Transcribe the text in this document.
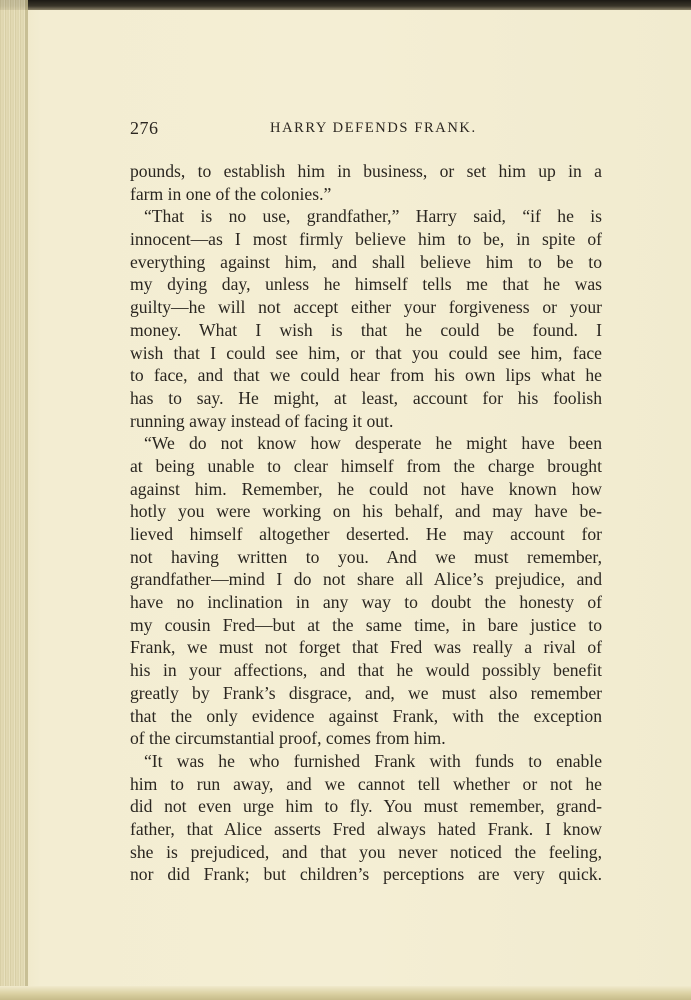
276	HARRY DEFENDS FRANK.
pounds, to establish him in business, or set him up in a
farm in one of the colonies.”
“That is no use, grandfather,” Harry said, “if he is
innocent—as I most firmly believe him to be, in spite of
everything against him, and shall believe him to be to
my dying day, unless he himself tells me that he was
guilty—he will not accept either your forgiveness or your
money. What I wish is that he could be found. I
wish that I could see him, or that you could see him, face
to face, and that we could hear from his own lips what he
has to say. He might, at least, account for his foolish
running away instead of facing it out.
“We do not know how desperate he might have been
at being unable to clear himself from the charge brought
against him. Remember, he could not have known how
hotly you were working on his behalf, and may have be-
lieved himself altogether deserted. He may account for
not having written to you. And we must remember,
grandfather—mind I do not share all Alice’s prejudice, and
have no inclination in any way to doubt the honesty of
my cousin Fred—but at the same time, in bare justice to
Frank, we must not forget that Fred was really a rival of
his in your affections, and that he would possibly benefit
greatly by Frank’s disgrace, and, we must also remember
that the only evidence against Frank, with the exception
of the circumstantial proof, comes from him.
“It was he who furnished Frank with funds to enable
him to run away, and we cannot tell whether or not he
did not even urge him to fly. You must remember, grand-
father, that Alice asserts Fred always hated Frank. I know
she is prejudiced, and that you never noticed the feeling,
nor did Frank; but children’s perceptions are very quick.
